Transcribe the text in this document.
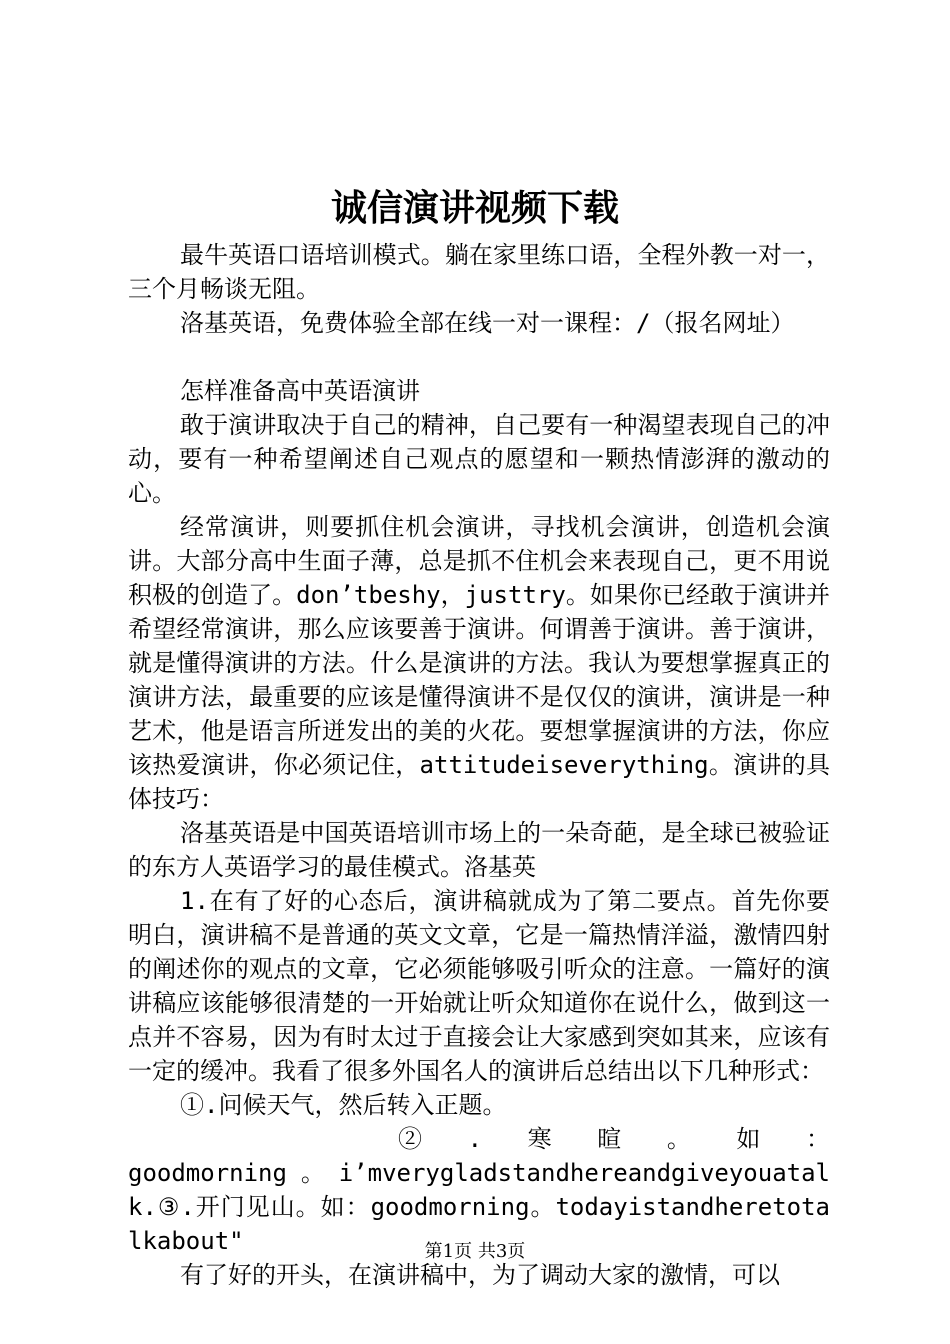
诚信演讲视频下载

最牛英语口语培训模式。躺在家里练口语，全程外教一对一，三个月畅谈无阻。

洛基英语，免费体验全部在线一对一课程：/（报名网址）

怎样准备高中英语演讲

敢于演讲取决于自己的精神，自己要有一种渴望表现自己的冲动，要有一种希望阐述自己观点的愿望和一颗热情澎湃的激动的心。

经常演讲，则要抓住机会演讲，寻找机会演讲，创造机会演讲。大部分高中生面子薄，总是抓不住机会来表现自己，更不用说积极的创造了。don’tbeshy，justtry。如果你已经敢于演讲并希望经常演讲，那么应该要善于演讲。何谓善于演讲。善于演讲，就是懂得演讲的方法。什么是演讲的方法。我认为要想掌握真正的演讲方法，最重要的应该是懂得演讲不是仅仅的演讲，演讲是一种艺术，他是语言所迸发出的美的火花。要想掌握演讲的方法，你应该热爱演讲，你必须记住，attitudeiseverything。演讲的具体技巧：

洛基英语是中国英语培训市场上的一朵奇葩，是全球已被验证的东方人英语学习的最佳模式。洛基英

1.在有了好的心态后，演讲稿就成为了第二要点。首先你要明白，演讲稿不是普通的英文文章，它是一篇热情洋溢，激情四射的阐述你的观点的文章，它必须能够吸引听众的注意。一篇好的演讲稿应该能够很清楚的一开始就让听众知道你在说什么，做到这一点并不容易，因为有时太过于直接会让大家感到突如其来，应该有一定的缓冲。我看了很多外国名人的演讲后总结出以下几种形式：

①.问候天气，然后转入正题。

②.寒暄。如：

goodmorning。i’mverygladstandhereandgiveyouatalk.③.开门见山。如：goodmorning。todayistandheretotalkabout"

有了好的开头，在演讲稿中，为了调动大家的激情，可以

第1页 共3页
